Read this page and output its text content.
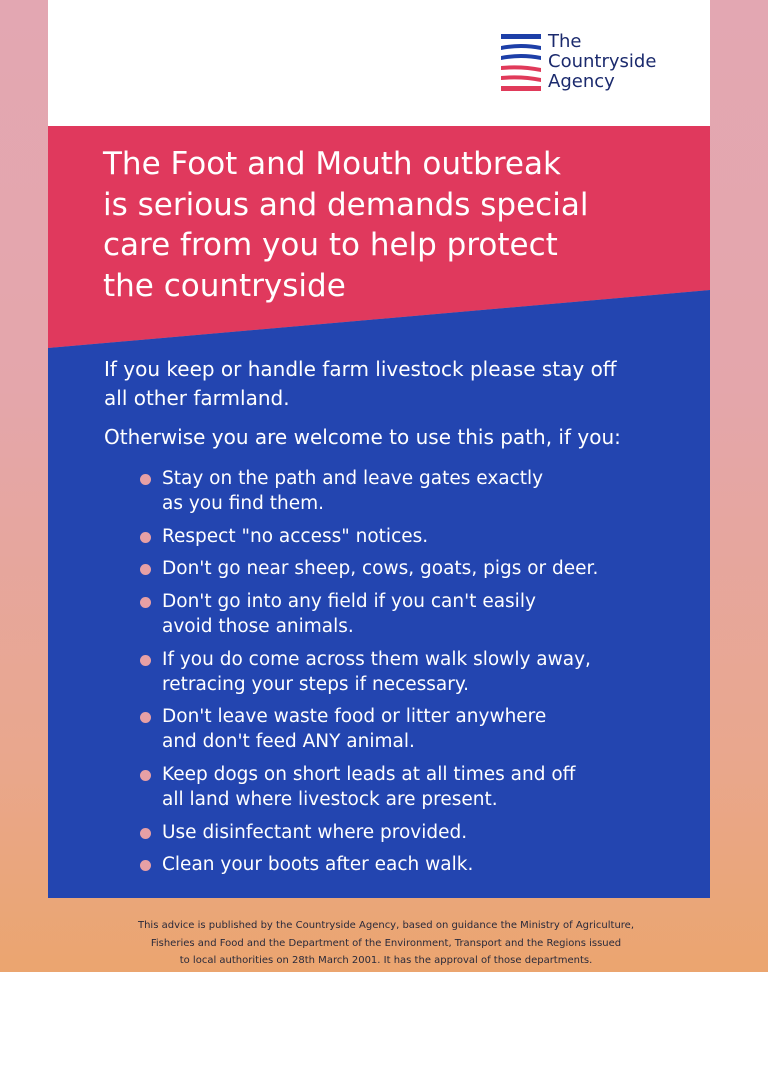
The
Countryside
Agency
The Foot and Mouth outbreak
is serious and demands special
care from you to help protect
the countryside
If you keep or handle farm livestock please stay off
all other farmland.
Otherwise you are welcome to use this path, if you:
Stay on the path and leave gates exactly
as you find them.
Respect "no access" notices.
Don't go near sheep, cows, goats, pigs or deer.
Don't go into any field if you can't easily
avoid those animals.
If you do come across them walk slowly away,
retracing your steps if necessary.
Don't leave waste food or litter anywhere
and don't feed ANY animal.
Keep dogs on short leads at all times and off
all land where livestock are present.
Use disinfectant where provided.
Clean your boots after each walk.
This advice is published by the Countryside Agency, based on guidance the Ministry of Agriculture,
Fisheries and Food and the Department of the Environment, Transport and the Regions issued
to local authorities on 28th March 2001. It has the approval of those departments.
